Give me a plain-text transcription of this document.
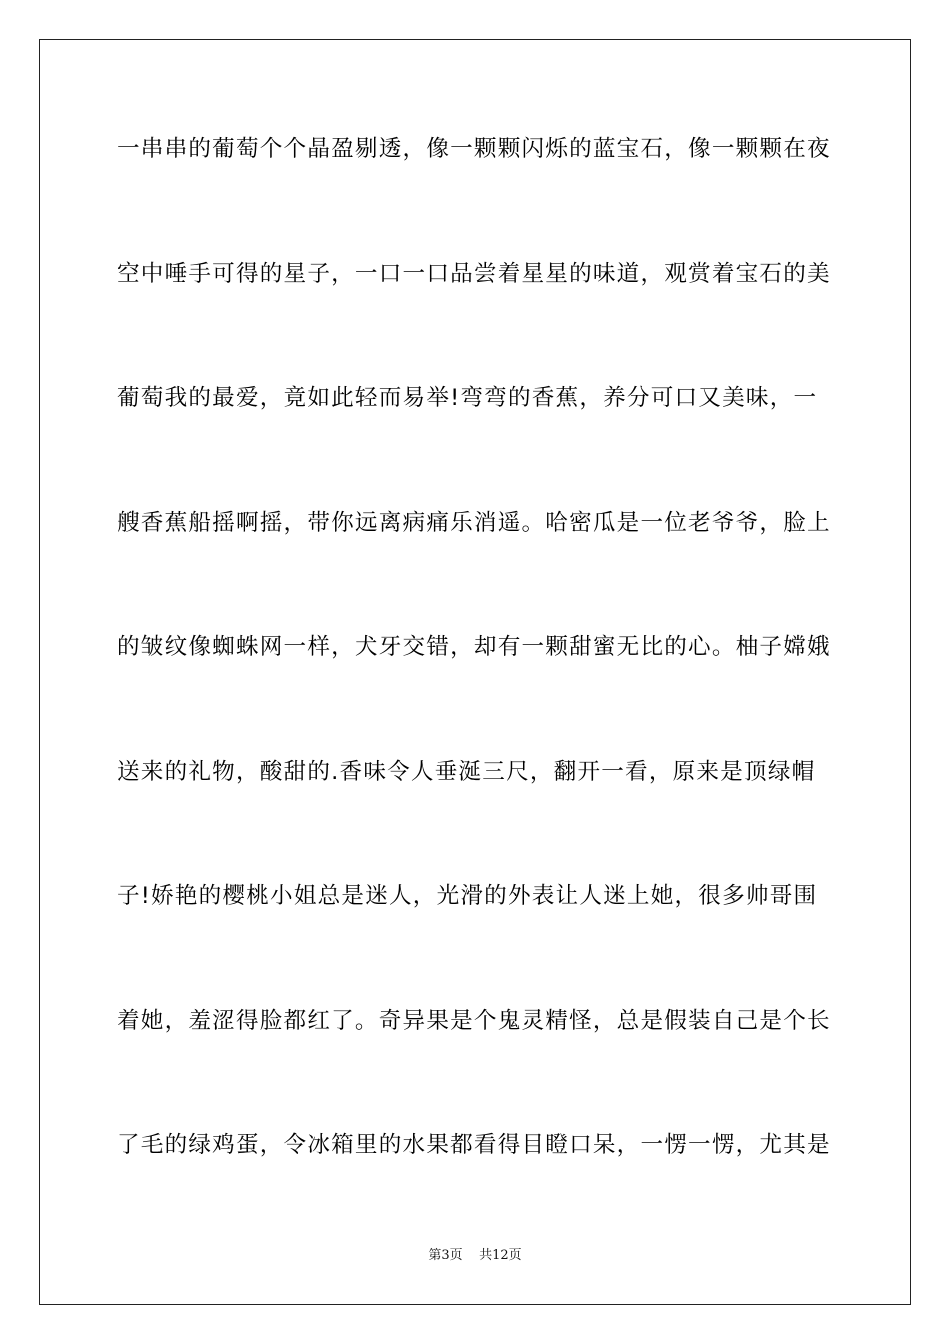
一串串的葡萄个个晶盈剔透，像一颗颗闪烁的蓝宝石，像一颗颗在夜
空中唾手可得的星子，一口一口品尝着星星的味道，观赏着宝石的美
葡萄我的最爱，竟如此轻而易举!弯弯的香蕉，养分可口又美味，一
艘香蕉船摇啊摇，带你远离病痛乐消遥。哈密瓜是一位老爷爷，脸上
的皱纹像蜘蛛网一样，犬牙交错，却有一颗甜蜜无比的心。柚子嫦娥
送来的礼物，酸甜的.香味令人垂涎三尺，翻开一看，原来是顶绿帽
子!娇艳的樱桃小姐总是迷人，光滑的外表让人迷上她，很多帅哥围
着她，羞涩得脸都红了。奇异果是个鬼灵精怪，总是假装自己是个长
了毛的绿鸡蛋，令冰箱里的水果都看得目瞪口呆，一愣一愣，尤其是
第3页 共12页
